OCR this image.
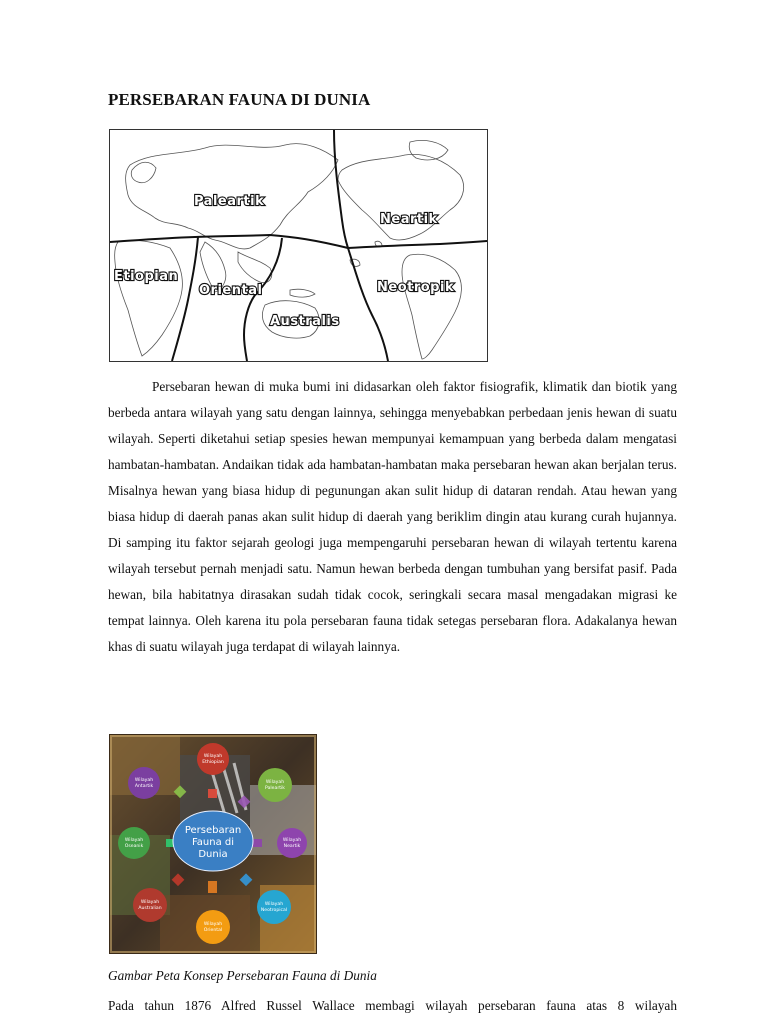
PERSEBARAN FAUNA DI DUNIA
Paleartik
Neartik
Etiopian
Oriental	Neotropik
Australis

Persebaran hewan di muka bumi ini didasarkan oleh faktor fisiografik, klimatik dan biotik yang berbeda antara wilayah yang satu dengan lainnya, sehingga menyebabkan perbedaan jenis hewan di suatu wilayah. Seperti diketahui setiap spesies hewan mempunyai kemampuan yang berbeda dalam mengatasi hambatan-hambatan. Andaikan tidak ada hambatan-hambatan maka persebaran hewan akan berjalan terus. Misalnya hewan yang biasa hidup di pegunungan akan sulit hidup di dataran rendah. Atau hewan yang biasa hidup di daerah panas akan sulit hidup di daerah yang beriklim dingin atau kurang curah hujannya. Di samping itu faktor sejarah geologi juga mempengaruhi persebaran hewan di wilayah tertentu karena wilayah tersebut pernah menjadi satu. Namun hewan berbeda dengan tumbuhan yang bersifat pasif. Pada hewan, bila habitatnya dirasakan sudah tidak cocok, seringkali secara masal mengadakan migrasi ke tempat lainnya. Oleh karena itu pola persebaran fauna tidak setegas persebaran flora. Adakalanya hewan khas di suatu wilayah juga terdapat di wilayah lainnya.

Persebaran
Fauna di
Dunia
Wilayah
Ethiopian
Wilayah
Paleartik
Wilayah
Neartik
Wilayah
Neotropical
Wilayah
Oriental
Wilayah
Australian
Wilayah
Oseanik
Wilayah
Antartik
Gambar Peta Konsep Persebaran Fauna di Dunia
Pada tahun 1876 Alfred Russel Wallace membagi wilayah persebaran fauna atas 8 wilayah
